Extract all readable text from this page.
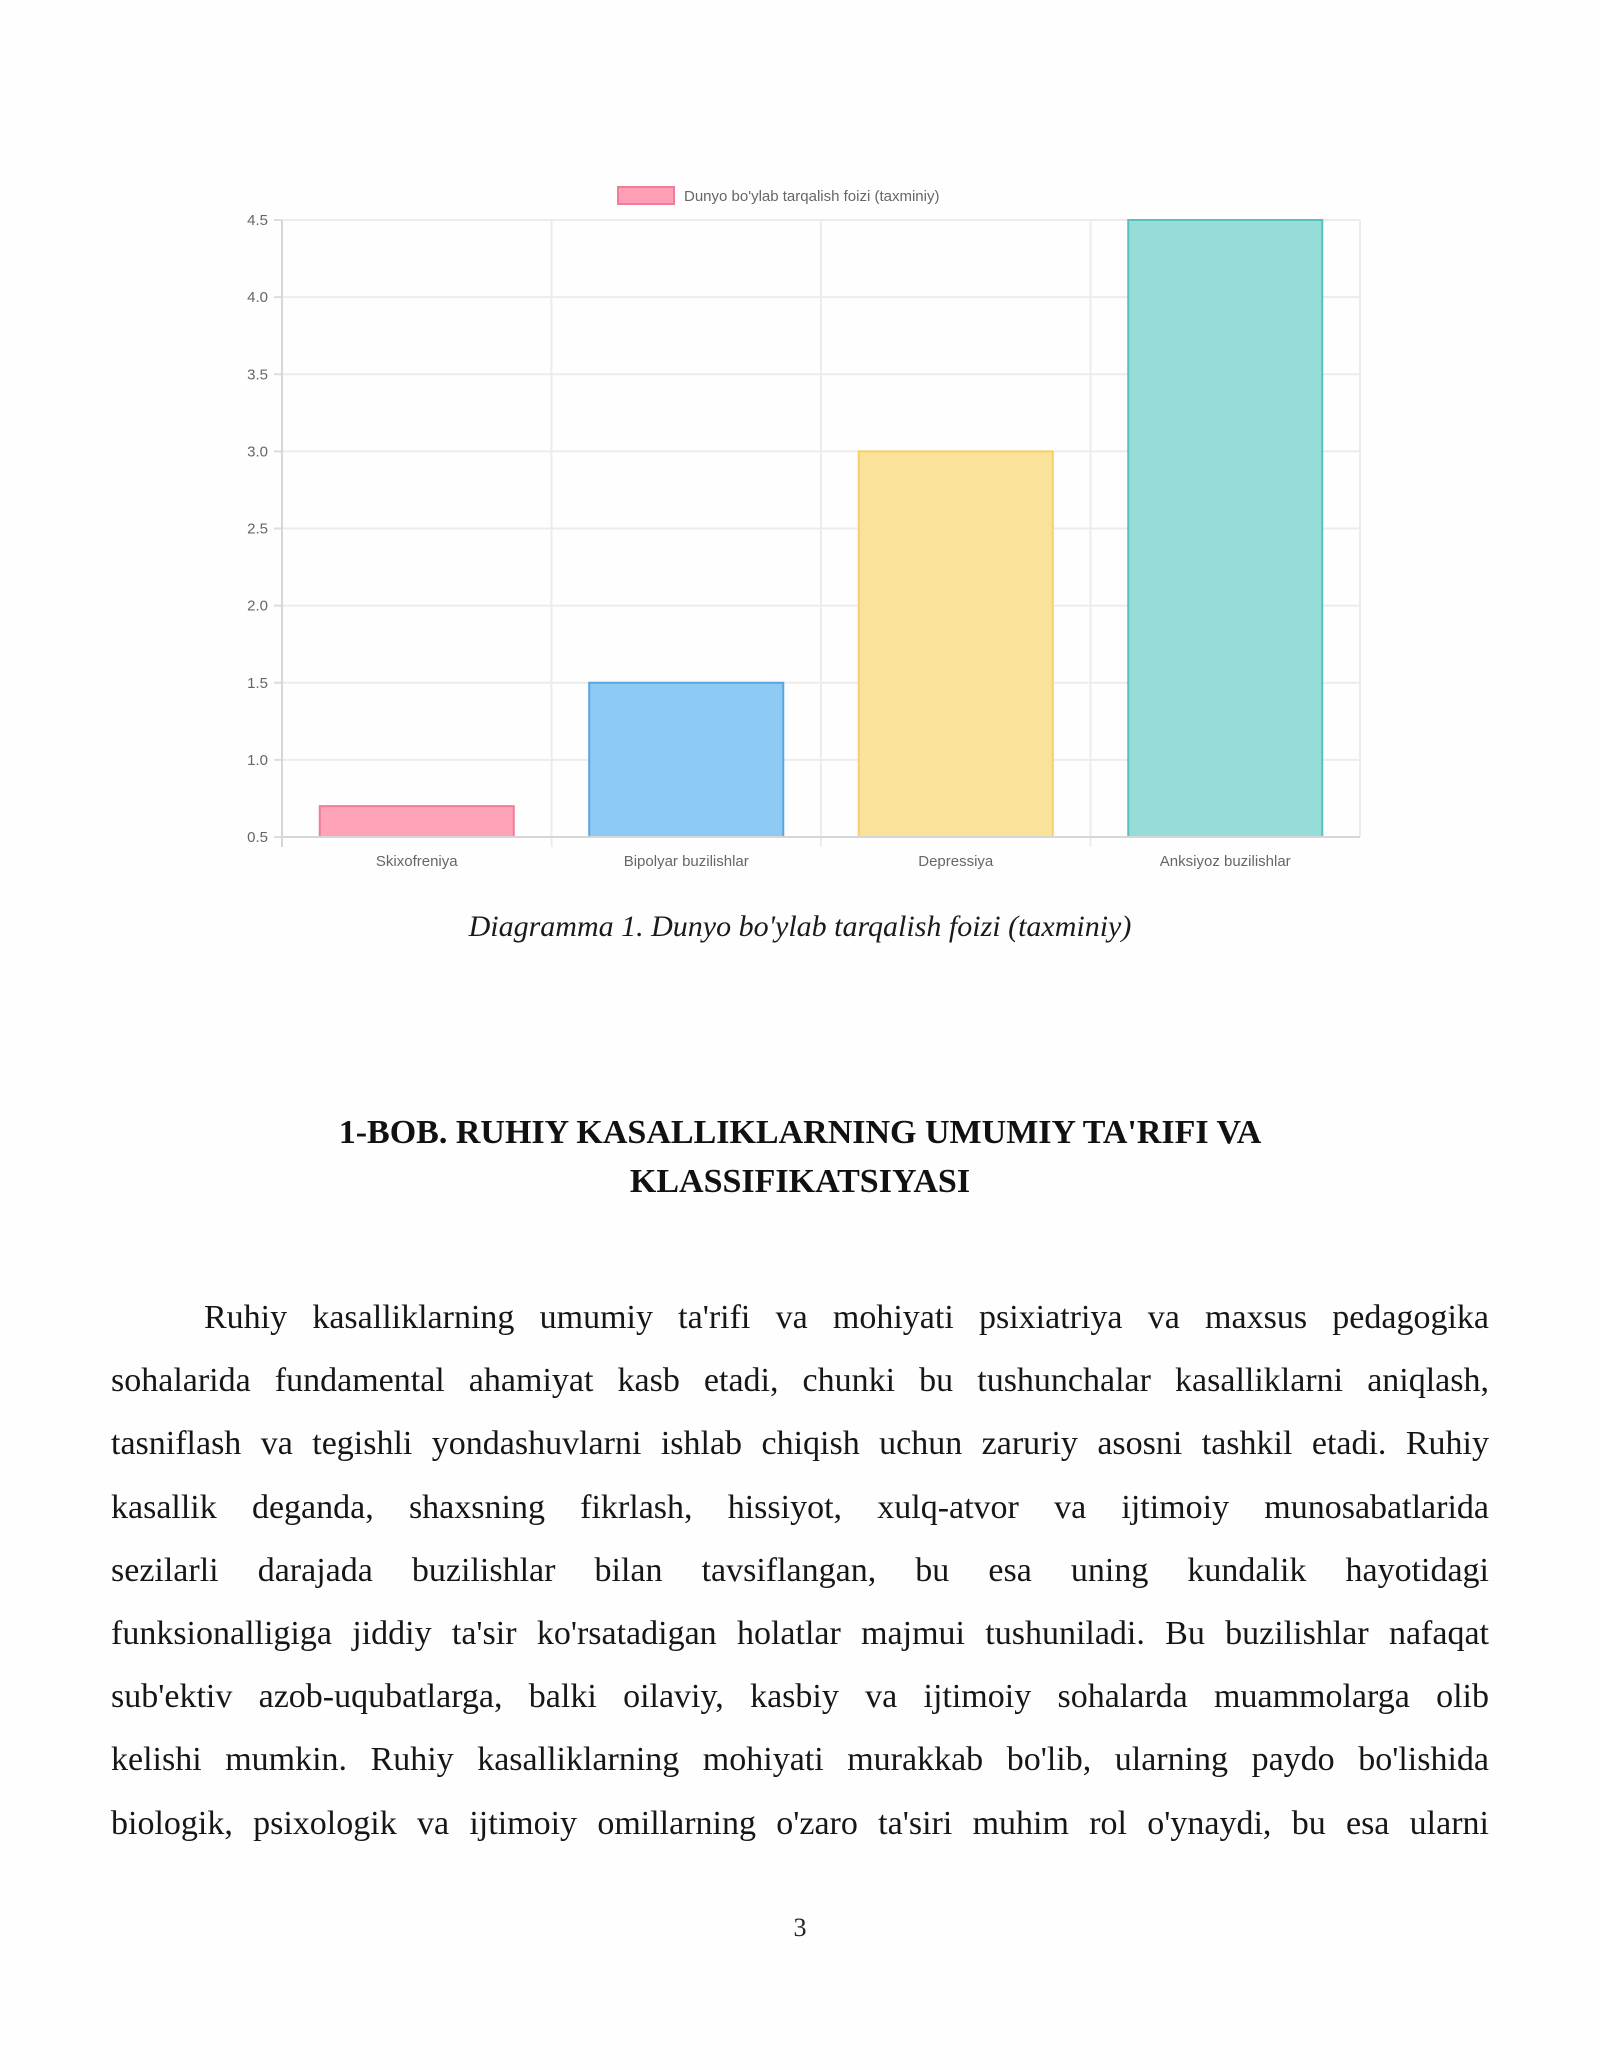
0.5
1.0
1.5
2.0
2.5
3.0
3.5
4.0
4.5
Skixofreniya	Bipolyar buzilishlar	Depressiya	Anksiyoz buzilishlar
Dunyo bo'ylab tarqalish foizi (taxminiy)
Diagramma 1. Dunyo bo'ylab tarqalish foizi (taxminiy)
1-BOB. RUHIY KASALLIKLARNING UMUMIY TA'RIFI VA
KLASSIFIKATSIYASI
Ruhiy kasalliklarning umumiy ta'rifi va mohiyati psixiatriya va maxsus pedagogika
sohalarida fundamental ahamiyat kasb etadi, chunki bu tushunchalar kasalliklarni aniqlash,
tasniflash va tegishli yondashuvlarni ishlab chiqish uchun zaruriy asosni tashkil etadi. Ruhiy
kasallik deganda, shaxsning fikrlash, hissiyot, xulq-atvor va ijtimoiy munosabatlarida
sezilarli darajada buzilishlar bilan tavsiflangan, bu esa uning kundalik hayotidagi
funksionalligiga jiddiy ta'sir ko'rsatadigan holatlar majmui tushuniladi. Bu buzilishlar nafaqat
sub'ektiv azob-uqubatlarga, balki oilaviy, kasbiy va ijtimoiy sohalarda muammolarga olib
kelishi mumkin. Ruhiy kasalliklarning mohiyati murakkab bo'lib, ularning paydo bo'lishida
biologik, psixologik va ijtimoiy omillarning o'zaro ta'siri muhim rol o'ynaydi, bu esa ularni
3
